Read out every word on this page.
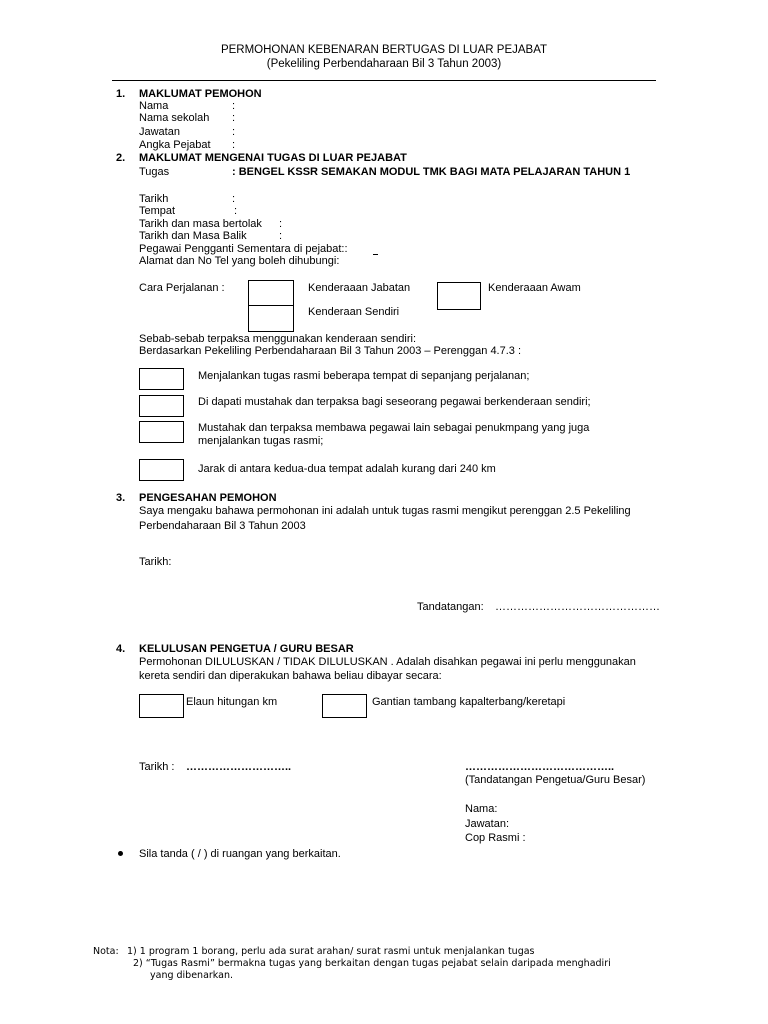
PERMOHONAN KEBENARAN BERTUGAS DI LUAR PEJABAT
(Pekeliling Perbendaharaan Bil 3 Tahun 2003)
1. MAKLUMAT PEMOHON
Nama	:
Nama sekolah :
Jawatan	:
Angka Pejabat :
2. MAKLUMAT MENGENAI TUGAS DI LUAR PEJABAT
Tugas	: BENGEL KSSR SEMAKAN MODUL TMK BAGI MATA PELAJARAN TAHUN 1
Tarikh	:
Tempat	:
Tarikh dan masa bertolak :
Tarikh dan Masa Balik	:
Pegawai Pengganti Sementara di pejabat::
Alamat dan No Tel yang boleh dihubungi:
Cara Perjalanan :	Kenderaaan Jabatan
Kenderaan Sendiri
Kenderaaan Awam
Sebab-sebab terpaksa menggunakan kenderaan sendiri:
Berdasarkan Pekeliling Perbendaharaan Bil 3 Tahun 2003 – Perenggan 4.7.3 :
Menjalankan tugas rasmi beberapa tempat di sepanjang perjalanan;
Di dapati mustahak dan terpaksa bagi seseorang pegawai berkenderaan sendiri;
Mustahak dan terpaksa membawa pegawai lain sebagai penukmpang yang juga
menjalankan tugas rasmi;
Jarak di antara kedua-dua tempat adalah kurang dari 240 km
3. PENGESAHAN PEMOHON
Saya mengaku bahawa permohonan ini adalah untuk tugas rasmi mengikut perenggan 2.5 Pekeliling
Perbendaharaan Bil 3 Tahun 2003
Tarikh:
Tandatangan: ………………………………………
4. KELULUSAN PENGETUA / GURU BESAR
Permohonan DILULUSKAN / TIDAK DILULUSKAN . Adalah disahkan pegawai ini perlu menggunakan
kereta sendiri dan diperakukan bahawa beliau dibayar secara:
Elaun hitungan km	Gantian tambang kapalterbang/keretapi
Tarikh : ………………………..	…………………………………..
(Tandatangan Pengetua/Guru Besar)
Nama:
Jawatan:
Cop Rasmi :
Sila tanda ( / ) di ruangan yang berkaitan.
Nota: 1) 1 program 1 borang, perlu ada surat arahan/ surat rasmi untuk menjalankan tugas
2) “Tugas Rasmi” bermakna tugas yang berkaitan dengan tugas pejabat selain daripada menghadiri
yang dibenarkan.
